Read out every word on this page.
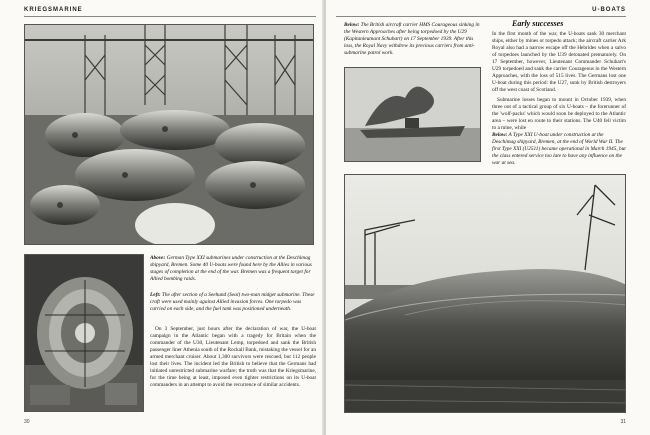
KRIEGSMARINE
Above: German Type XXI submarines under construction at the Deschimag shipyard, Bremen. Some 40 U-boats were found here by the Allies in various stages of completion at the end of the war. Bremen was a frequent target for Allied bombing raids.
Left: The after section of a Seehund (Seal) two-man midget submarine. These craft were used mainly against Allied invasion forces. One torpedo was carried on each side, and the fuel tank was positioned underneath.

On 3 September, just hours after the declaration of war, the U-boat campaign in the Atlantic began with a tragedy for Britain when the commander of the U30, Lieutenant Lemp, torpedoed and sank the British passenger liner Athenia south of the Rockall Bank, mistaking the vessel for an armed merchant cruiser. About 1,300 survivors were rescued, but 112 people lost their lives. The incident led the British to believe that the Germans had initiated unrestricted submarine warfare; the truth was that the Kriegsmarine, for the time being at least, imposed even tighter restrictions on its U-boat commanders in an attempt to avoid the recurrence of similar accidents.

30
U-BOATS
Below: The British aircraft carrier HMS Courageous sinking in the Western Approaches after being torpedoed by the U29 (Kapitanleutnant Schuhart) on 17 September 1939. After this loss, the Royal Navy withdrew its precious carriers from anti-submarine patrol work.
Early successes

In the first month of the war, the U-boats sank 30 merchant ships, either by mines or torpedo attack; the aircraft carrier Ark Royal also had a narrow escape off the Hebrides when a salvo of torpedoes launched by the U39 detonated prematurely. On 17 September, however, Lieutenant Commander Schuhart's U29 torpedoed and sank the carrier Courageous in the Western Approaches, with the loss of 515 lives. The Germans lost one U-boat during this period: the U27, sunk by British destroyers off the west coast of Scotland.

Submarine losses began to mount in October 1939, when three out of a tactical group of six U-boats – the forerunner of the 'wolf-packs' which would soon be deployed to the Atlantic area – were lost en route to their stations. The U40 fell victim to a mine, while

Below: A Type XXI U-boat under construction at the Deschimag shipyard, Bremen, at the end of World War II. The first Type XXI (U2511) became operational in March 1945, but the class entered service too late to have any influence on the war at sea.
31
